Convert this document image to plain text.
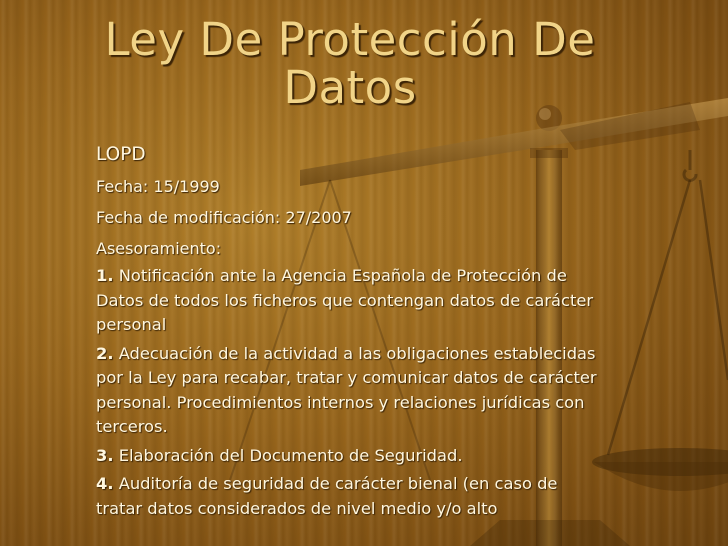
Ley De Protección De Datos

LOPD

Fecha: 15/1999

Fecha de modificación: 27/2007

Asesoramiento:

1. Notificación ante la Agencia Española de Protección de Datos de todos los ficheros que contengan datos de carácter personal

2. Adecuación de la actividad a las obligaciones establecidas por la Ley para recabar, tratar y comunicar datos de carácter personal. Procedimientos internos y relaciones jurídicas con terceros.

3. Elaboración del Documento de Seguridad.

4. Auditoría de seguridad de carácter bienal (en caso de tratar datos considerados de nivel medio y/o alto
